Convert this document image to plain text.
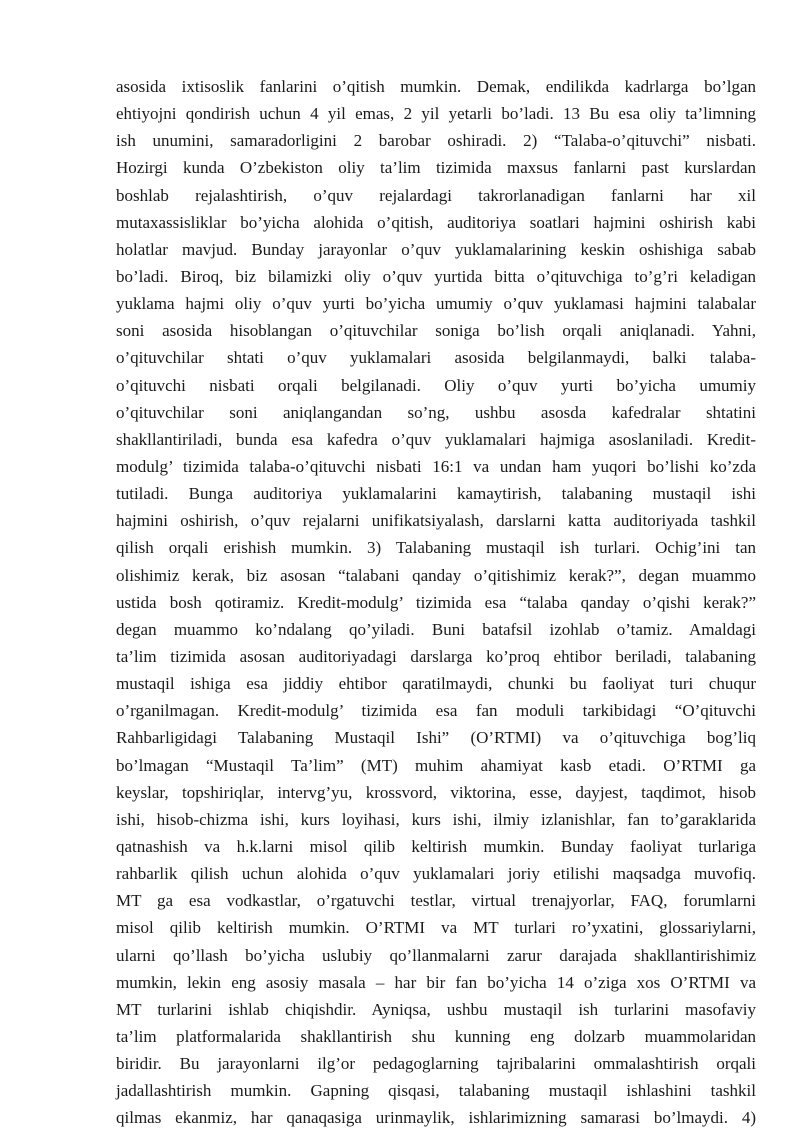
asosida ixtisoslik fanlarini o’qitish mumkin. Demak, endilikda kadrlarga bo’lgan
ehtiyojni qondirish uchun 4 yil emas, 2 yil yetarli bo’ladi. 13 Bu esa oliy ta’limning
ish unumini, samaradorligini 2 barobar oshiradi. 2) “Talaba-o’qituvchi” nisbati.
Hozirgi kunda O’zbekiston oliy ta’lim tizimida maxsus fanlarni past kurslardan
boshlab rejalashtirish, o’quv rejalardagi takrorlanadigan fanlarni har xil
mutaxassisliklar bo’yicha alohida o’qitish, auditoriya soatlari hajmini oshirish kabi
holatlar mavjud. Bunday jarayonlar o’quv yuklamalarining keskin oshishiga sabab
bo’ladi. Biroq, biz bilamizki oliy o’quv yurtida bitta o’qituvchiga to’g’ri keladigan
yuklama hajmi oliy o’quv yurti bo’yicha umumiy o’quv yuklamasi hajmini talabalar
soni asosida hisoblangan o’qituvchilar soniga bo’lish orqali aniqlanadi. Yahni,
o’qituvchilar shtati o’quv yuklamalari asosida belgilanmaydi, balki talaba-
o’qituvchi nisbati orqali belgilanadi. Oliy o’quv yurti bo’yicha umumiy
o’qituvchilar soni aniqlangandan so’ng, ushbu asosda kafedralar shtatini
shakllantiriladi, bunda esa kafedra o’quv yuklamalari hajmiga asoslaniladi. Kredit-
modulg’ tizimida talaba-o’qituvchi nisbati 16:1 va undan ham yuqori bo’lishi ko’zda
tutiladi. Bunga auditoriya yuklamalarini kamaytirish, talabaning mustaqil ishi
hajmini oshirish, o’quv rejalarni unifikatsiyalash, darslarni katta auditoriyada tashkil
qilish orqali erishish mumkin. 3) Talabaning mustaqil ish turlari. Ochig’ini tan
olishimiz kerak, biz asosan “talabani qanday o’qitishimiz kerak?”, degan muammo
ustida bosh qotiramiz. Kredit-modulg’ tizimida esa “talaba qanday o’qishi kerak?”
degan muammo ko’ndalang qo’yiladi. Buni batafsil izohlab o’tamiz. Amaldagi
ta’lim tizimida asosan auditoriyadagi darslarga ko’proq ehtibor beriladi, talabaning
mustaqil ishiga esa jiddiy ehtibor qaratilmaydi, chunki bu faoliyat turi chuqur
o’rganilmagan. Kredit-modulg’ tizimida esa fan moduli tarkibidagi “O’qituvchi
Rahbarligidagi Talabaning Mustaqil Ishi” (O’RTMI) va o’qituvchiga bog’liq
bo’lmagan “Mustaqil Ta’lim” (MT) muhim ahamiyat kasb etadi. O’RTMI ga
keyslar, topshiriqlar, intervg’yu, krossvord, viktorina, esse, dayjest, taqdimot, hisob
ishi, hisob-chizma ishi, kurs loyihasi, kurs ishi, ilmiy izlanishlar, fan to’garaklarida
qatnashish va h.k.larni misol qilib keltirish mumkin. Bunday faoliyat turlariga
rahbarlik qilish uchun alohida o’quv yuklamalari joriy etilishi maqsadga muvofiq.
MT ga esa vodkastlar, o’rgatuvchi testlar, virtual trenajyorlar, FAQ, forumlarni
misol qilib keltirish mumkin. O’RTMI va MT turlari ro’yxatini, glossariylarni,
ularni qo’llash bo’yicha uslubiy qo’llanmalarni zarur darajada shakllantirishimiz
mumkin, lekin eng asosiy masala – har bir fan bo’yicha 14 o’ziga xos O’RTMI va
MT turlarini ishlab chiqishdir. Ayniqsa, ushbu mustaqil ish turlarini masofaviy
ta’lim platformalarida shakllantirish shu kunning eng dolzarb muammolaridan
biridir. Bu jarayonlarni ilg’or pedagoglarning tajribalarini ommalashtirish orqali
jadallashtirish mumkin. Gapning qisqasi, talabaning mustaqil ishlashini tashkil
qilmas ekanmiz, har qanaqasiga urinmaylik, ishlarimizning samarasi bo’lmaydi. 4)
